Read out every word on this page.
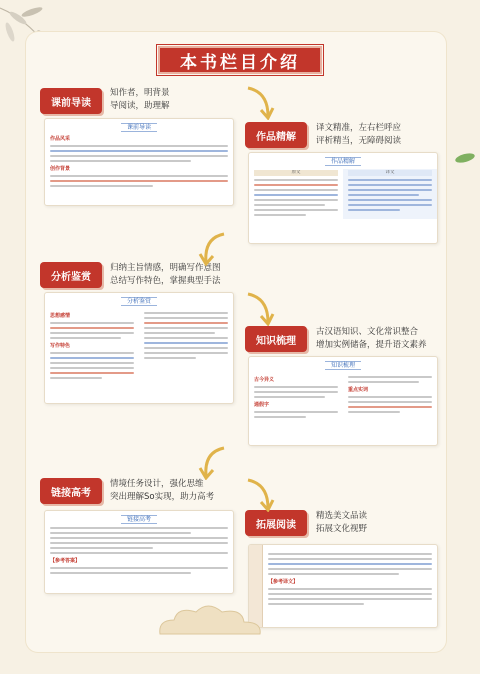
本书栏目介绍
课前导读
知作者，明背景
导阅读，助理解
课前导读
作品风采
创作背景
作品精解
译文精准，左右栏呼应
评析精当，无障碍阅读
作品精解
原文	译文
分析鉴赏
归纳主旨情感，明确写作意图
总结写作特色，掌握典型手法
分析鉴赏
思想感情
写作特色	知识梳理
古汉语知识、文化常识整合
增加实例储备，提升语文素养
知识梳理
古今异义
通假字
重点实词
链接高考
情境任务设计，强化思维
突出理解So实现，助力高考
链接高考
【参考答案】
拓展阅读
精选美文品读
拓展文化视野
【参考译文】
